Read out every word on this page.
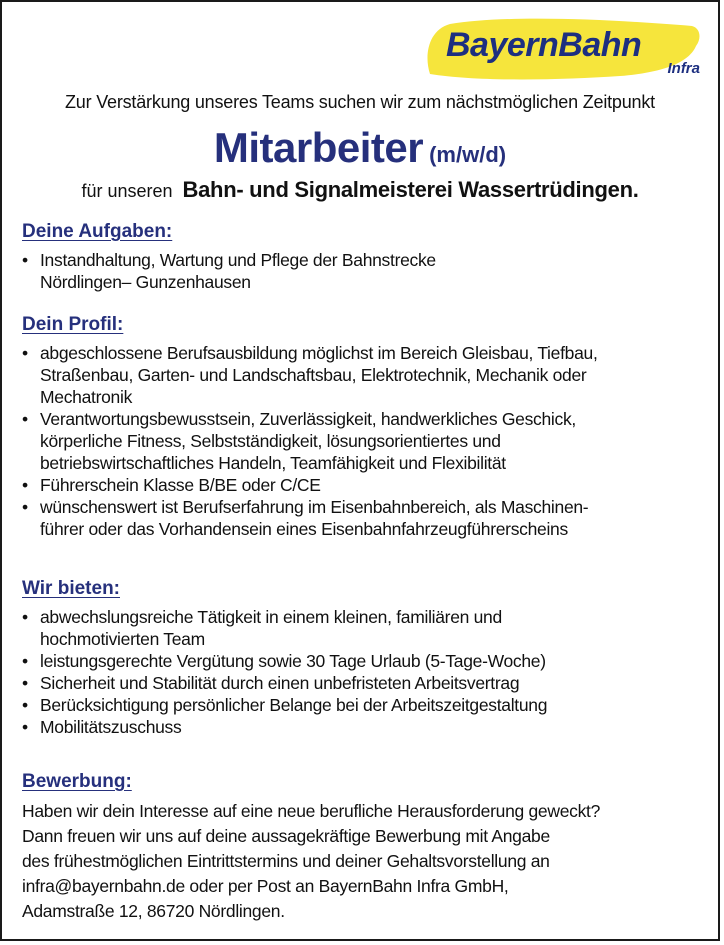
BayernBahn
Infra
Zur Verstärkung unseres Teams suchen wir zum nächstmöglichen Zeitpunkt
Mitarbeiter (m/w/d)
für unseren Bahn- und Signalmeisterei Wassertrüdingen.
Deine Aufgaben:
• Instandhaltung, Wartung und Pflege der Bahnstrecke
Nördlingen– Gunzenhausen
Dein Profil:
• abgeschlossene Berufsausbildung möglichst im Bereich Gleisbau, Tiefbau,
Straßenbau, Garten- und Landschaftsbau, Elektrotechnik, Mechanik oder
Mechatronik
• Verantwortungsbewusstsein, Zuverlässigkeit, handwerkliches Geschick,
körperliche Fitness, Selbstständigkeit, lösungsorientiertes und
betriebswirtschaftliches Handeln, Teamfähigkeit und Flexibilität
• Führerschein Klasse B/BE oder C/CE
• wünschenswert ist Berufserfahrung im Eisenbahnbereich, als Maschinen-
führer oder das Vorhandensein eines Eisenbahnfahrzeugführerscheins
Wir bieten:
• abwechslungsreiche Tätigkeit in einem kleinen, familiären und
hochmotivierten Team
• leistungsgerechte Vergütung sowie 30 Tage Urlaub (5-Tage-Woche)
• Sicherheit und Stabilität durch einen unbefristeten Arbeitsvertrag
• Berücksichtigung persönlicher Belange bei der Arbeitszeitgestaltung
• Mobilitätszuschuss
Bewerbung:

Haben wir dein Interesse auf eine neue berufliche Herausforderung geweckt?

Dann freuen wir uns auf deine aussagekräftige Bewerbung mit Angabe

des frühestmöglichen Eintrittstermins und deiner Gehaltsvorstellung an

infra@bayernbahn.de oder per Post an BayernBahn Infra GmbH,

Adamstraße 12, 86720 Nördlingen.
